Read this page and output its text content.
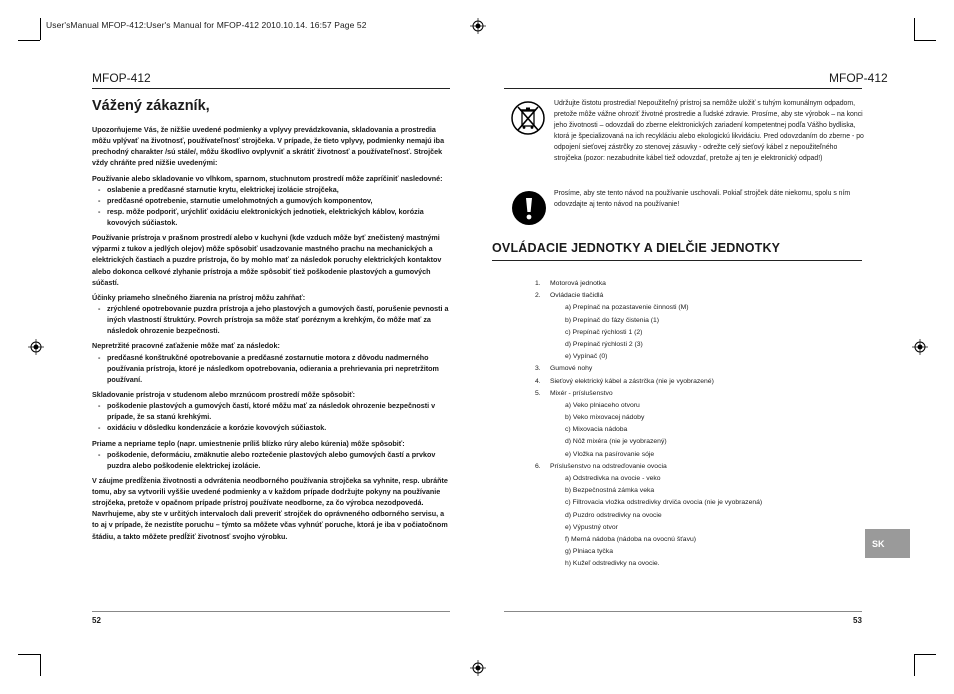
User'sManual MFOP-412:User's Manual for MFOP-412 2010.10.14. 16:57 Page 52
MFOP-412
Vážený zákazník,

Upozorňujeme Vás, že nižšie uvedené podmienky a vplyvy prevádzkovania, skladovania a prostredia môžu vplývať na životnosť, používateľnosť strojčeka. V prípade, že tieto vplyvy, podmienky nemajú iba prechodný charakter /sú stále/, môžu škodlivo ovplyvniť a skrátiť životnosť a používateľnosť. Strojček vždy chráňte pred nižšie uvedenými:

Používanie alebo skladovanie vo vlhkom, sparnom, stuchnutom prostredí môže zapríčiniť nasledovné:

- oslabenie a predčasné starnutie krytu, elektrickej izolácie strojčeka,
- predčasné opotrebenie, starnutie umelohmotných a gumových komponentov,
- resp. môže podporiť, urýchliť oxidáciu elektronických jednotiek, elektrických káblov, korózia kovových súčiastok.

Používanie prístroja v prašnom prostredí alebo v kuchyni (kde vzduch môže byť znečistený mastnými výparmi z tukov a jedlých olejov) môže spôsobiť usadzovanie mastného prachu na mechanických a elektrických častiach a puzdre prístroja, čo by mohlo mať za následok poruchy elektrických kontaktov alebo dokonca celkové zlyhanie prístroja a môže spôsobiť tiež poškodenie plastových a gumových súčastí.

Účinky priameho slnečného žiarenia na prístroj môžu zahŕňať:

- zrýchlené opotrebovanie puzdra prístroja a jeho plastových a gumových častí, porušenie pevnosti a iných vlastností štruktúry. Povrch prístroja sa môže stať poréznym a krehkým, čo môže mať za následok ohrozenie bezpečnosti.

Nepretržité pracovné zaťaženie môže mať za následok:

- predčasné konštrukčné opotrebovanie a predčasné zostarnutie motora z dôvodu nadmerného používania prístroja, ktoré je následkom opotrebovania, odierania a prehrievania pri nepretržitom používaní.

Skladovanie prístroja v studenom alebo mrznúcom prostredí môže spôsobiť:

- poškodenie plastových a gumových častí, ktoré môžu mať za následok ohrozenie bezpečnosti v prípade, že sa stanú krehkými.
- oxidáciu v dôsledku kondenzácie a korózie kovových súčiastok.

Priame a nepriame teplo (napr. umiestnenie príliš blízko rúry alebo kúrenia) môže spôsobiť:

- poškodenie, deformáciu, zmäknutie alebo roztečenie plastových alebo gumových častí a prvkov puzdra alebo poškodenie elektrickej izolácie.

V záujme predĺženia životnosti a odvrátenia neodborného používania strojčeka sa vyhnite, resp. ubráňte tomu, aby sa vytvorili vyššie uvedené podmienky a v každom prípade dodržujte pokyny na používanie strojčeka, pretože v opačnom prípade prístroj používate neodborne, za čo výrobca nezodpovedá. Navrhujeme, aby ste v určitých intervaloch dali preveriť strojček do oprávneného odborného servisu, a to aj v prípade, že nezistíte poruchu – týmto sa môžete včas vyhnúť poruche, ktorá je iba v počiatočnom štádiu, a takto môžete predĺžiť životnosť svojho výrobku.

52
MFOP-412
Udržujte čistotu prostredia! Nepoužiteľný prístroj sa nemôže uložiť s tuhým komunálnym odpadom, pretože môže vážne ohroziť životné prostredie a ľudské zdravie. Prosíme, aby ste výrobok – na konci jeho životnosti – odovzdali do zberne elektronických zariadení kompetentnej podľa Vášho bydliska, ktorá je špecializovaná na ich recykláciu alebo ekologickú likvidáciu. Pred odovzdaním do zberne - po odpojení sieťovej zástrčky zo stenovej zásuvky - odrežte celý sieťový kábel z nepoužiteľného strojčeka (pozor: nezabudnite kábel tiež odovzdať, pretože aj ten je elektronický odpad!)
Prosíme, aby ste tento návod na používanie uschovali. Pokiaľ strojček dáte niekomu, spolu s ním odovzdajte aj tento návod na používanie!
OVLÁDACIE JEDNOTKY A DIELČIE JEDNOTKY
1.	Motorová jednotka
2.	Ovládacie tlačidlá
a) Prepínač na pozastavenie činnosti (M)
b) Prepínač do fázy čistenia (1)
c) Prepínač rýchlosti 1 (2)
d) Prepínač rýchlosti 2 (3)
e) Vypínač (0)
3.	Gumové nohy
4.	Sieťový elektrický kábel a zástrčka (nie je vyobrazené)
5.	Mixér - príslušenstvo
a) Veko plniaceho otvoru
b) Veko mixovacej nádoby
c) Mixovacia nádoba
d) Nôž mixéra (nie je vyobrazený)
e) Vložka na pasírovanie sóje
6.	Príslušenstvo na odstreďovanie ovocia
a) Odstredivka na ovocie - veko
b) Bezpečnostná zámka veka
c) Filtrovacia vložka odstredivky drviča ovocia (nie je vyobrazená)
d) Puzdro odstredivky na ovocie
e) Výpustný otvor
f) Merná nádoba (nádoba na ovocnú šťavu)
g) Plniaca tyčka
h) Kužeľ odstredivky na ovocie.
SK
53
